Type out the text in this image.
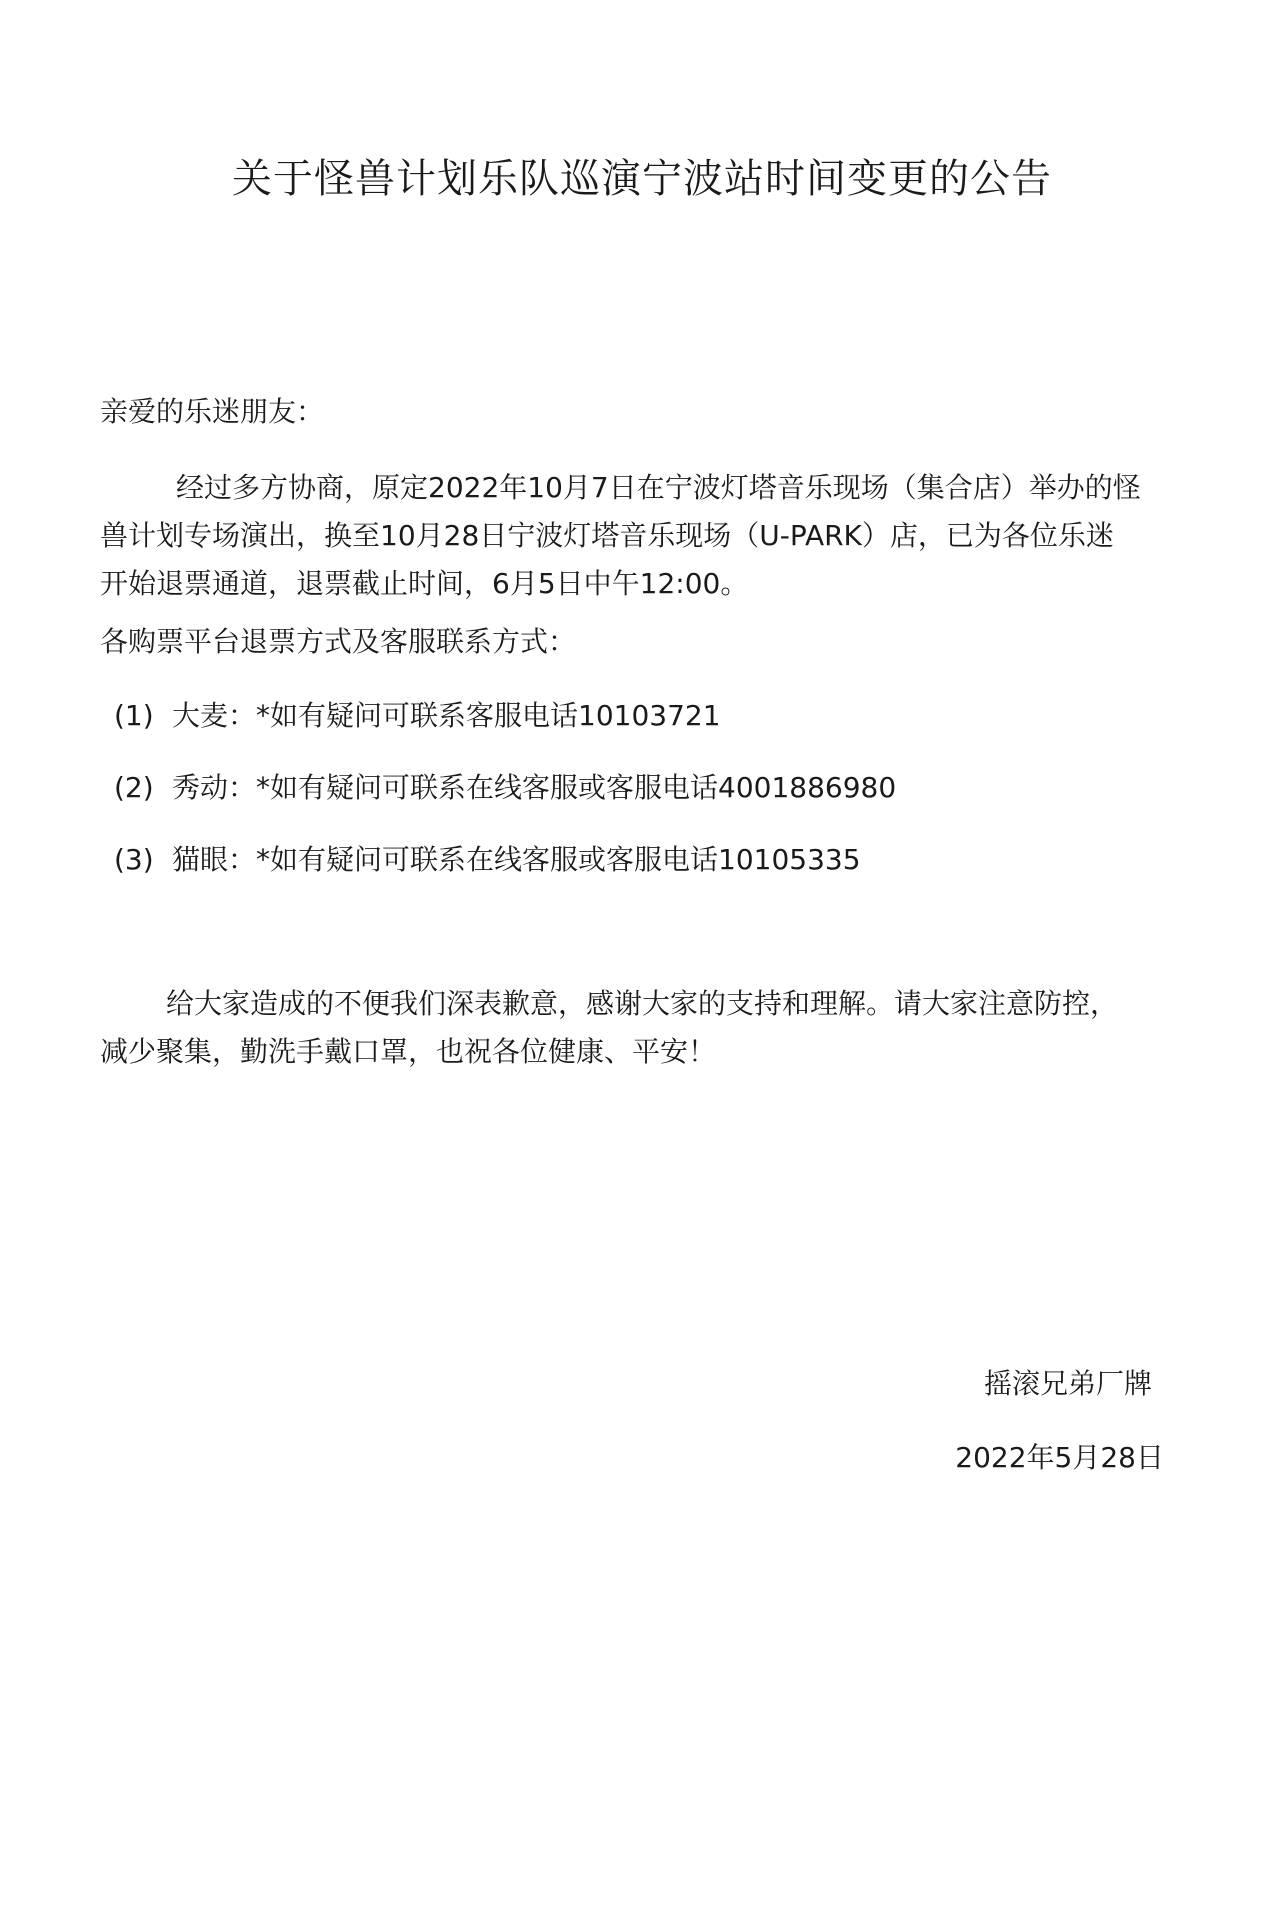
关于怪兽计划乐队巡演宁波站时间变更的公告
亲爱的乐迷朋友：
经过多方协商，原定2022年10月7日在宁波灯塔音乐现场（集合店）举办的怪
兽计划专场演出，换至10月28日宁波灯塔音乐现场（U-PARK）店，已为各位乐迷
开始退票通道，退票截止时间，6月5日中午12:00。
各购票平台退票方式及客服联系方式：
(1) 大麦：*如有疑问可联系客服电话10103721
(2) 秀动：*如有疑问可联系在线客服或客服电话4001886980
(3) 猫眼：*如有疑问可联系在线客服或客服电话10105335
给大家造成的不便我们深表歉意，感谢大家的支持和理解。请大家注意防控，
减少聚集，勤洗手戴口罩，也祝各位健康、平安！
摇滚兄弟厂牌
2022年5月28日
